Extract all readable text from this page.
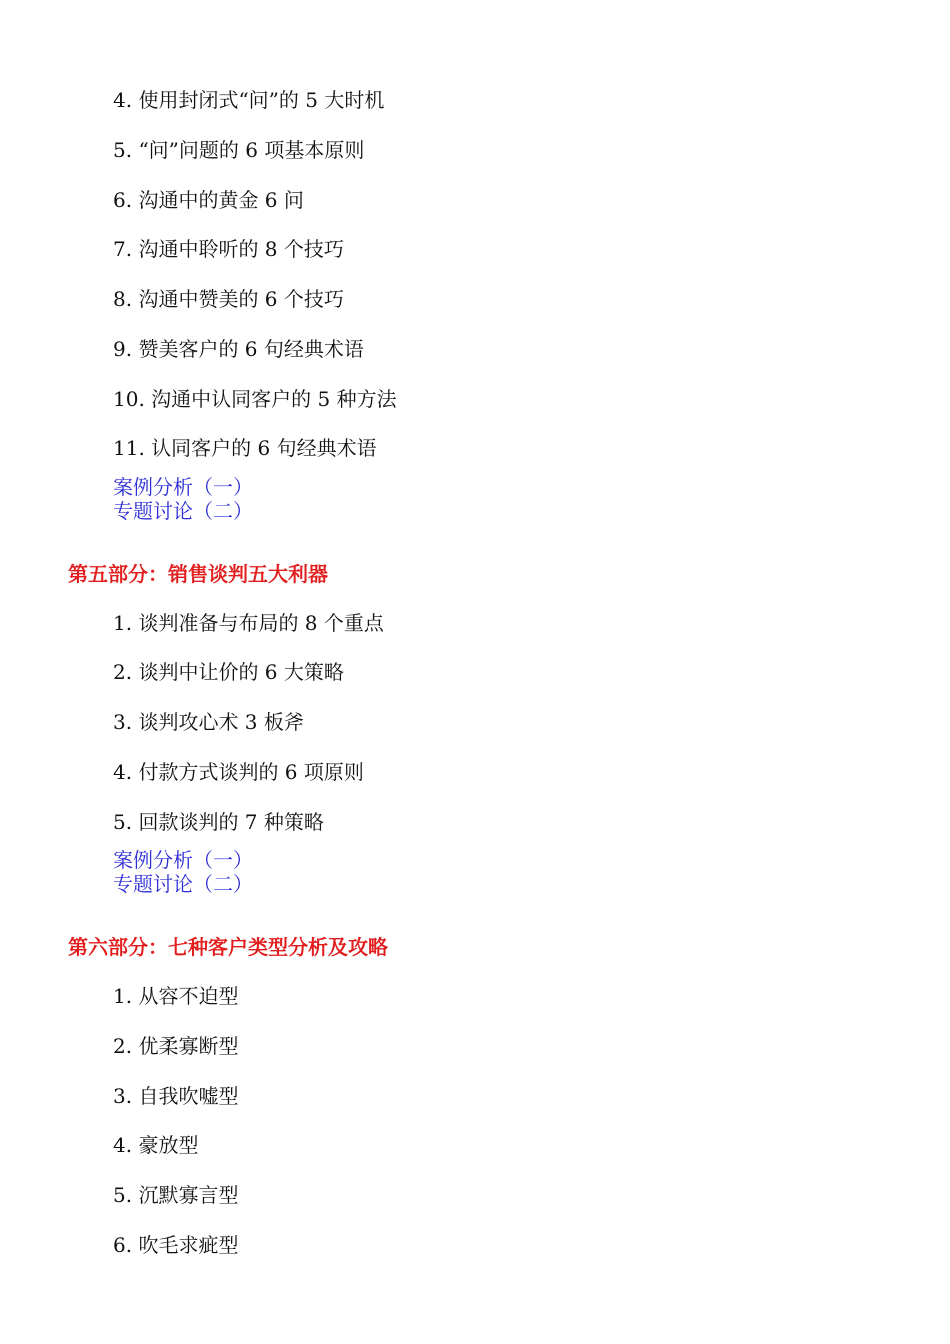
4. 使用封闭式“问”的 5 大时机
5. “问”问题的 6 项基本原则
6. 沟通中的黄金 6 问
7. 沟通中聆听的 8 个技巧
8. 沟通中赞美的 6 个技巧
9. 赞美客户的 6 句经典术语
10. 沟通中认同客户的 5 种方法
11. 认同客户的 6 句经典术语
案例分析（一）
专题讨论（二）
第五部分：销售谈判五大利器
1. 谈判准备与布局的 8 个重点
2. 谈判中让价的 6 大策略
3. 谈判攻心术 3 板斧
4. 付款方式谈判的 6 项原则
5. 回款谈判的 7 种策略
案例分析（一）
专题讨论（二）
第六部分：七种客户类型分析及攻略
1. 从容不迫型
2. 优柔寡断型
3. 自我吹嘘型
4. 豪放型
5. 沉默寡言型
6. 吹毛求疵型
